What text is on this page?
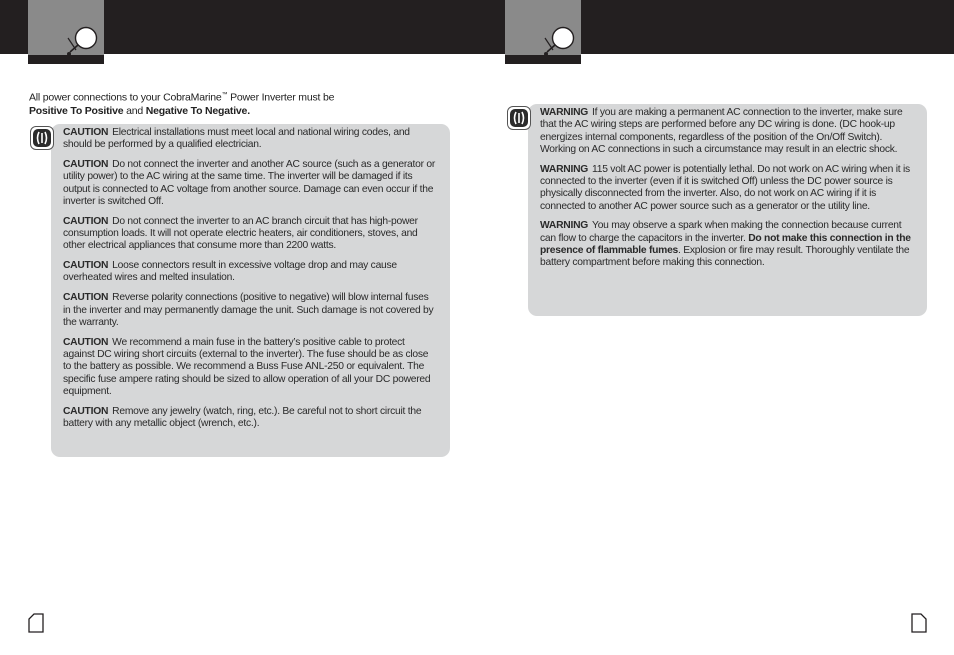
All power connections to your CobraMarine™ Power Inverter must be
Positive To Positive and Negative To Negative.

CAUTION Electrical installations must meet local and national wiring codes, and should be performed by a qualified electrician.

CAUTION Do not connect the inverter and another AC source (such as a generator or utility power) to the AC wiring at the same time. The inverter will be damaged if its output is connected to AC voltage from another source. Damage can even occur if the inverter is switched Off.

CAUTION Do not connect the inverter to an AC branch circuit that has high-power consumption loads. It will not operate electric heaters, air conditioners, stoves, and other electrical appliances that consume more than 2200 watts.

CAUTION Loose connectors result in excessive voltage drop and may cause overheated wires and melted insulation.

CAUTION Reverse polarity connections (positive to negative) will blow internal fuses in the inverter and may permanently damage the unit. Such damage is not covered by the warranty.

CAUTION We recommend a main fuse in the battery’s positive cable to protect against DC wiring short circuits (external to the inverter). The fuse should be as close to the battery as possible. We recommend a Buss Fuse ANL-250 or equivalent. The specific fuse ampere rating should be sized to allow operation of all your DC powered equipment.

CAUTION Remove any jewelry (watch, ring, etc.). Be careful not to short circuit the battery with any metallic object (wrench, etc.).

WARNING If you are making a permanent AC connection to the inverter, make sure that the AC wiring steps are performed before any DC wiring is done. (DC hook-up energizes internal components, regardless of the position of the On/Off Switch). Working on AC connections in such a circumstance may result in an electric shock.

WARNING 115 volt AC power is potentially lethal. Do not work on AC wiring when it is connected to the inverter (even if it is switched Off) unless the DC power source is physically disconnected from the inverter. Also, do not work on AC wiring if it is connected to another AC power source such as a generator or the utility line.

WARNING You may observe a spark when making the connection because current can flow to charge the capacitors in the inverter. Do not make this connection in the presence of flammable fumes. Explosion or fire may result. Thoroughly ventilate the battery compartment before making this connection.
